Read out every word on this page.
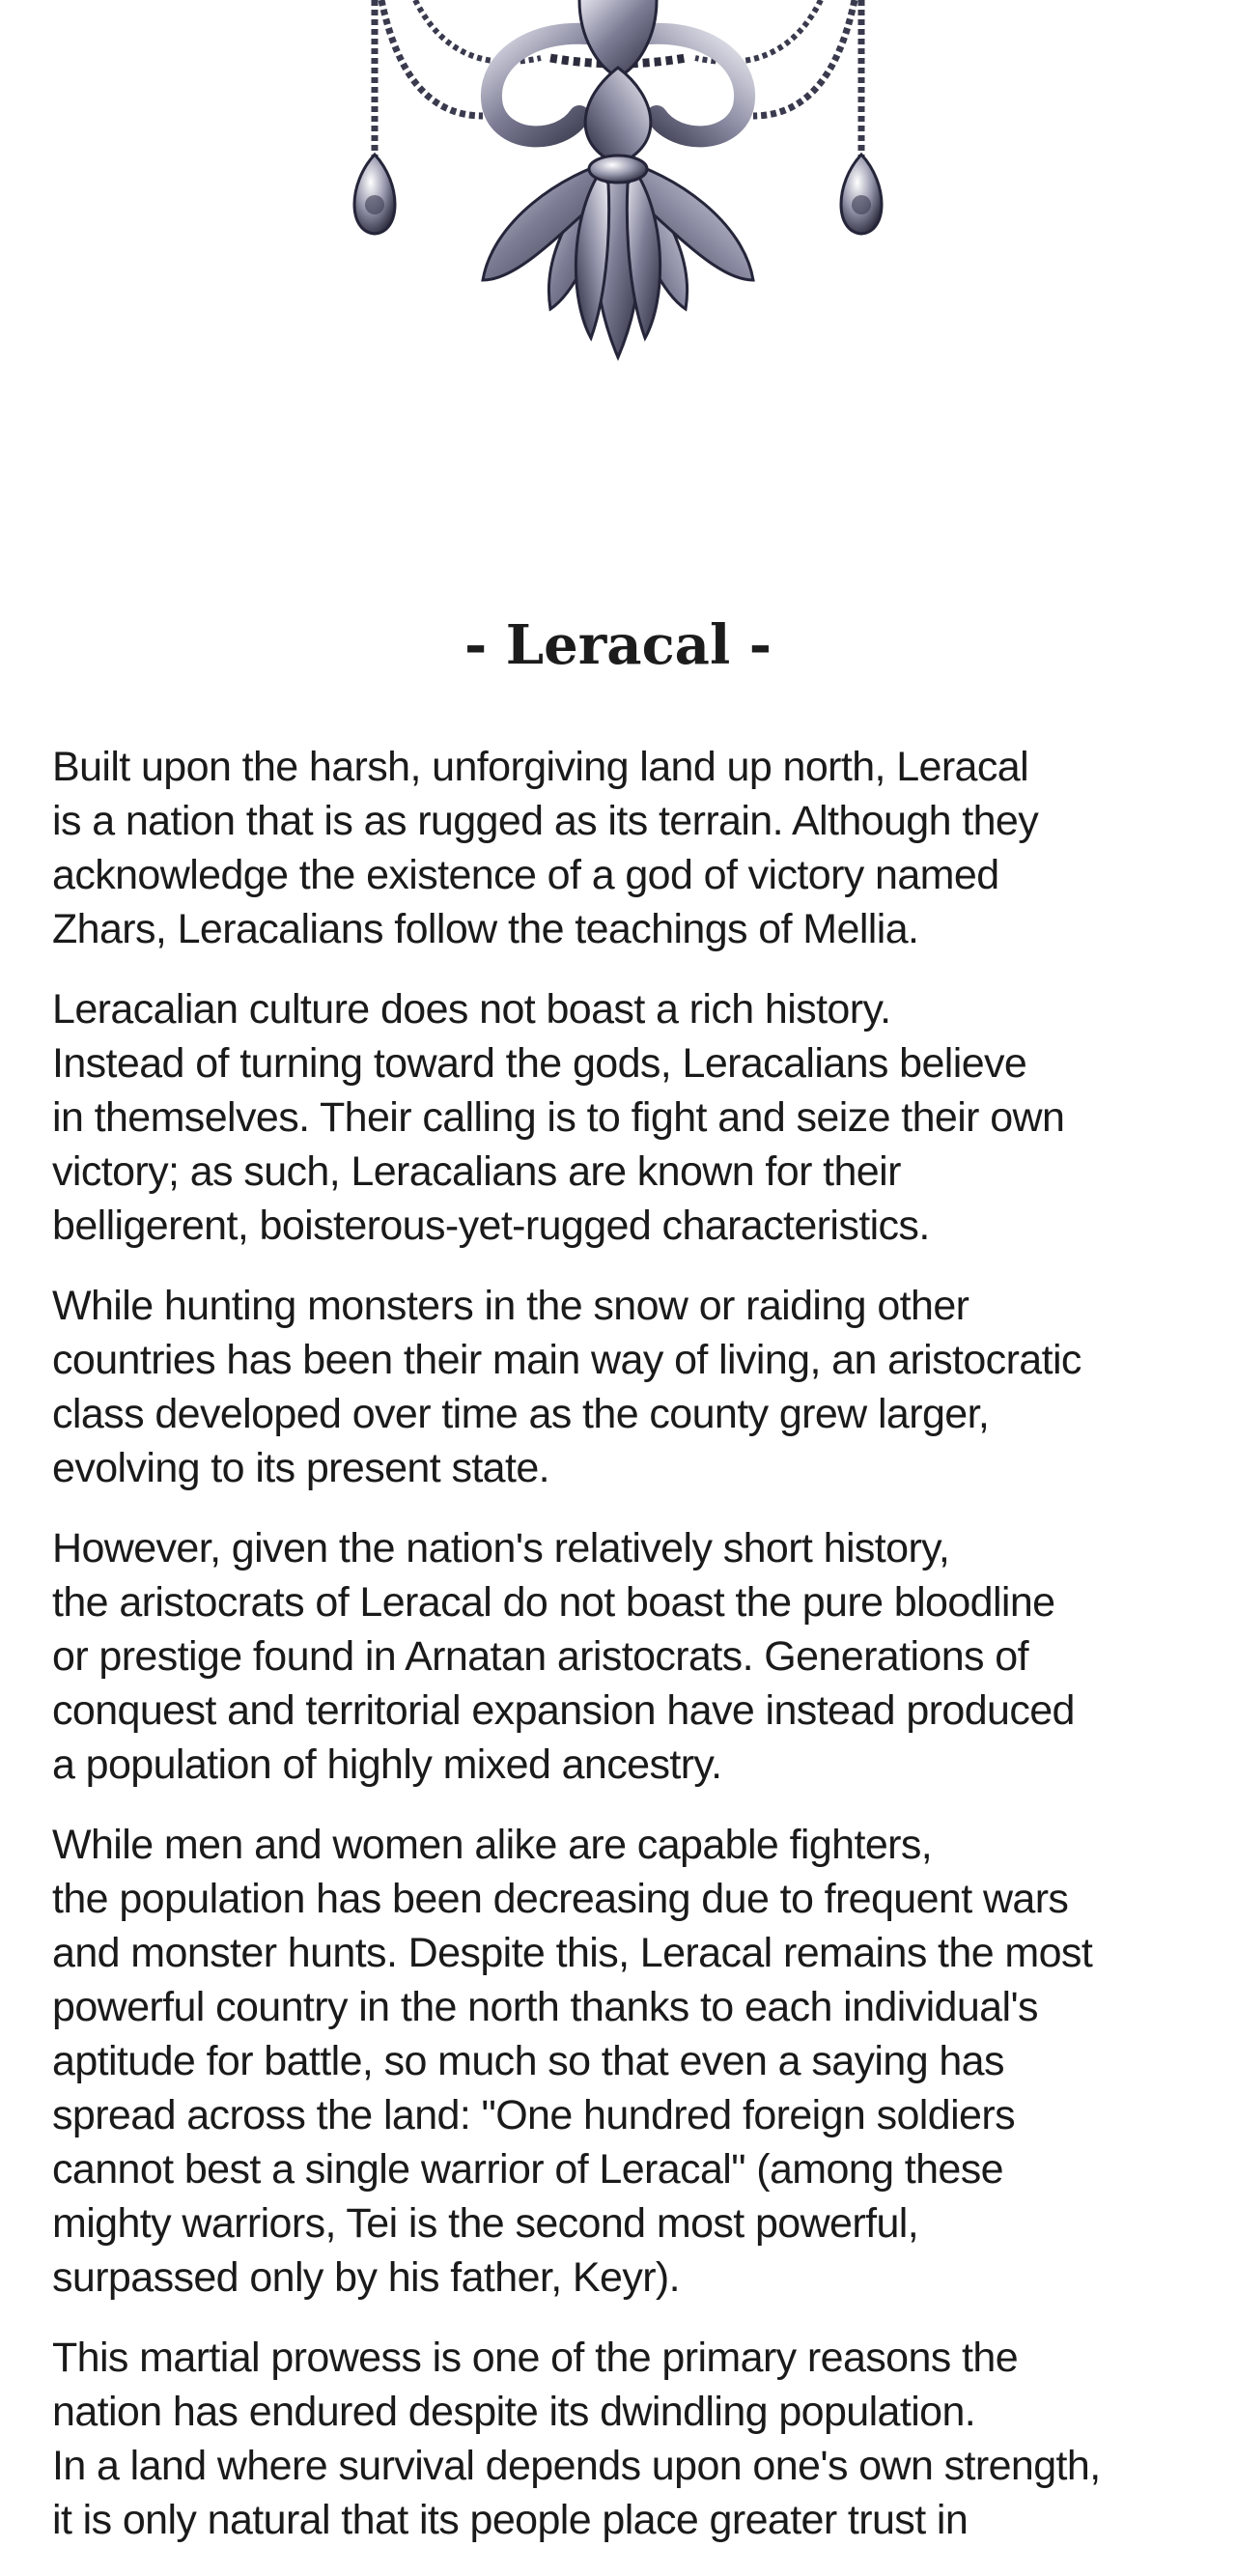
- Leracal -

Built upon the harsh, unforgiving land up north, Leracal
is a nation that is as rugged as its terrain. Although they
acknowledge the existence of a god of victory named
Zhars, Leracalians follow the teachings of Mellia.

Leracalian culture does not boast a rich history.
Instead of turning toward the gods, Leracalians believe
in themselves. Their calling is to fight and seize their own
victory; as such, Leracalians are known for their
belligerent, boisterous-yet-rugged characteristics.

While hunting monsters in the snow or raiding other
countries has been their main way of living, an aristocratic
class developed over time as the county grew larger,
evolving to its present state.

However, given the nation's relatively short history,
the aristocrats of Leracal do not boast the pure bloodline
or prestige found in Arnatan aristocrats. Generations of
conquest and territorial expansion have instead produced
a population of highly mixed ancestry.

While men and women alike are capable fighters,
the population has been decreasing due to frequent wars
and monster hunts. Despite this, Leracal remains the most
powerful country in the north thanks to each individual's
aptitude for battle, so much so that even a saying has
spread across the land: "One hundred foreign soldiers
cannot best a single warrior of Leracal" (among these
mighty warriors, Tei is the second most powerful,
surpassed only by his father, Keyr).

This martial prowess is one of the primary reasons the
nation has endured despite its dwindling population.
In a land where survival depends upon one's own strength,
it is only natural that its people place greater trust in
